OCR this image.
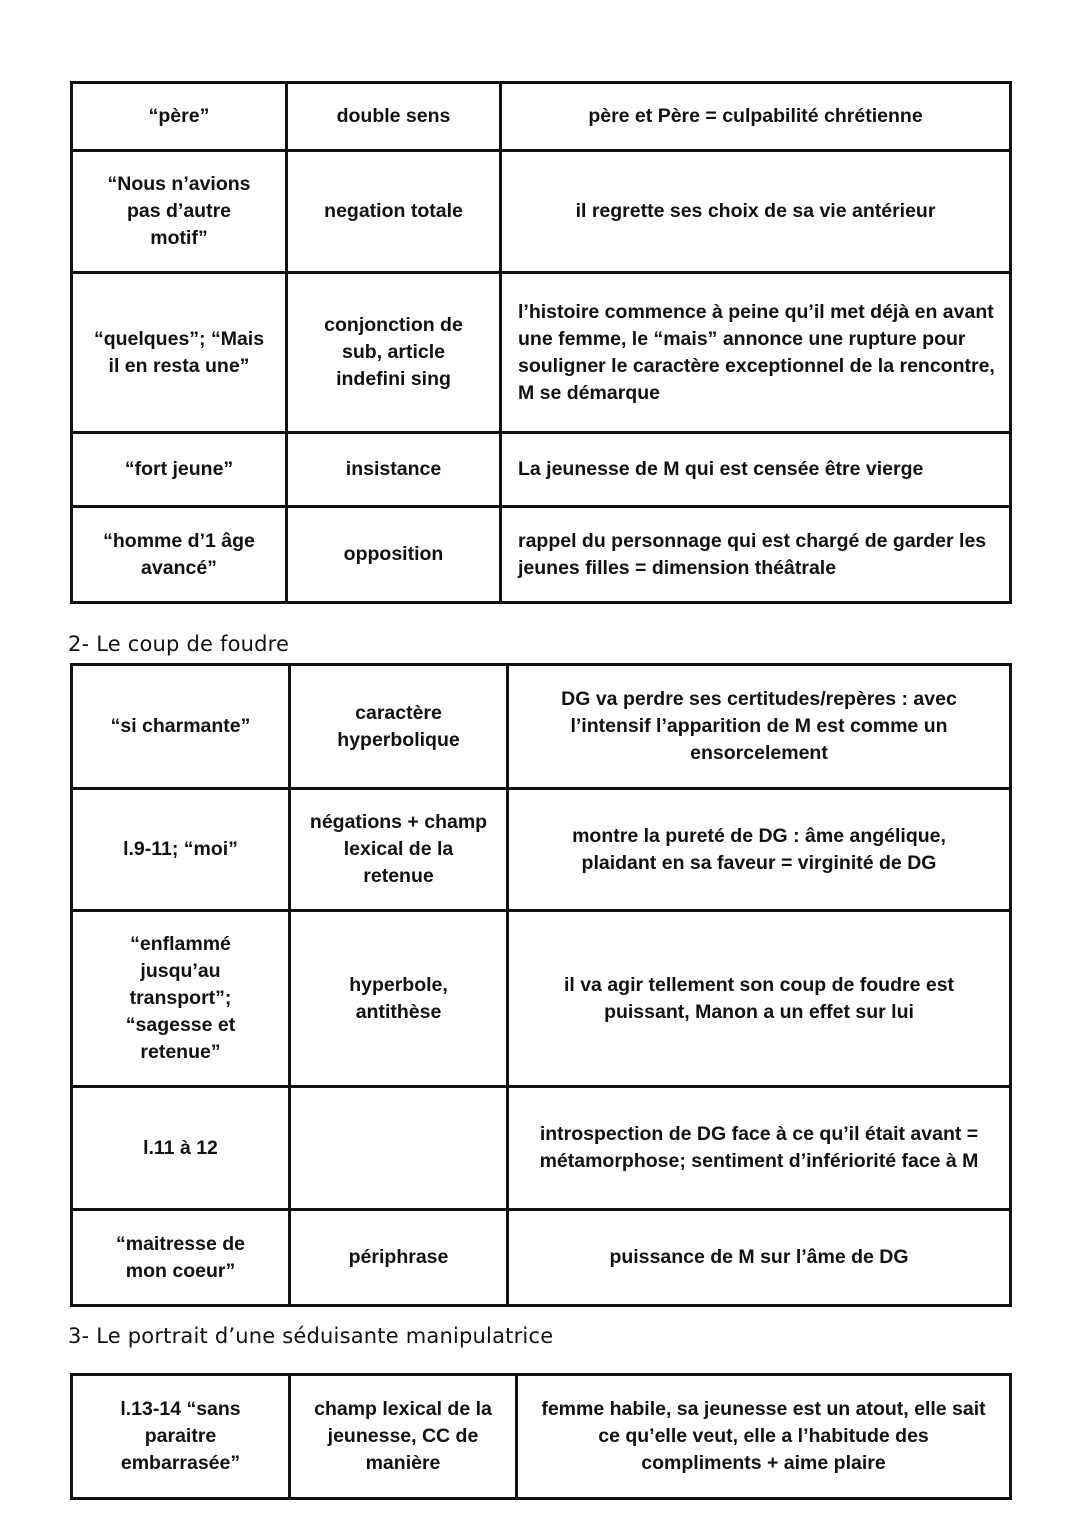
“père”	double sens	père et Père = culpabilité chrétienne
“Nous n’avions pas d’autre motif”	negation totale	il regrette ses choix de sa vie antérieur
“quelques”; “Mais il en resta une”	conjonction de sub, article indefini sing	l’histoire commence à peine qu’il met déjà en avant une femme, le “mais” annonce une rupture pour souligner le caractère exceptionnel de la rencontre, M se démarque
“fort jeune”	insistance	La jeunesse de M qui est censée être vierge
“homme d’1 âge avancé”	opposition	rappel du personnage qui est chargé de garder les jeunes filles = dimension théâtrale
2- Le coup de foudre
“si charmante”	caractère hyperbolique	DG va perdre ses certitudes/repères : avec l’intensif l’apparition de M est comme un ensorcelement
l.9-11; “moi”	négations + champ lexical de la retenue	montre la pureté de DG : âme angélique, plaidant en sa faveur = virginité de DG
“enflammé jusqu’au transport”; “sagesse et retenue”	hyperbole, antithèse	il va agir tellement son coup de foudre est puissant, Manon a un effet sur lui
l.11 à 12		introspection de DG face à ce qu’il était avant = métamorphose; sentiment d’infériorité face à M
“maitresse de mon coeur”	périphrase	puissance de M sur l’âme de DG
3- Le portrait d’une séduisante manipulatrice
l.13-14 “sans paraitre embarrasée”	champ lexical de la jeunesse, CC de manière	femme habile, sa jeunesse est un atout, elle sait ce qu’elle veut, elle a l’habitude des compliments + aime plaire
